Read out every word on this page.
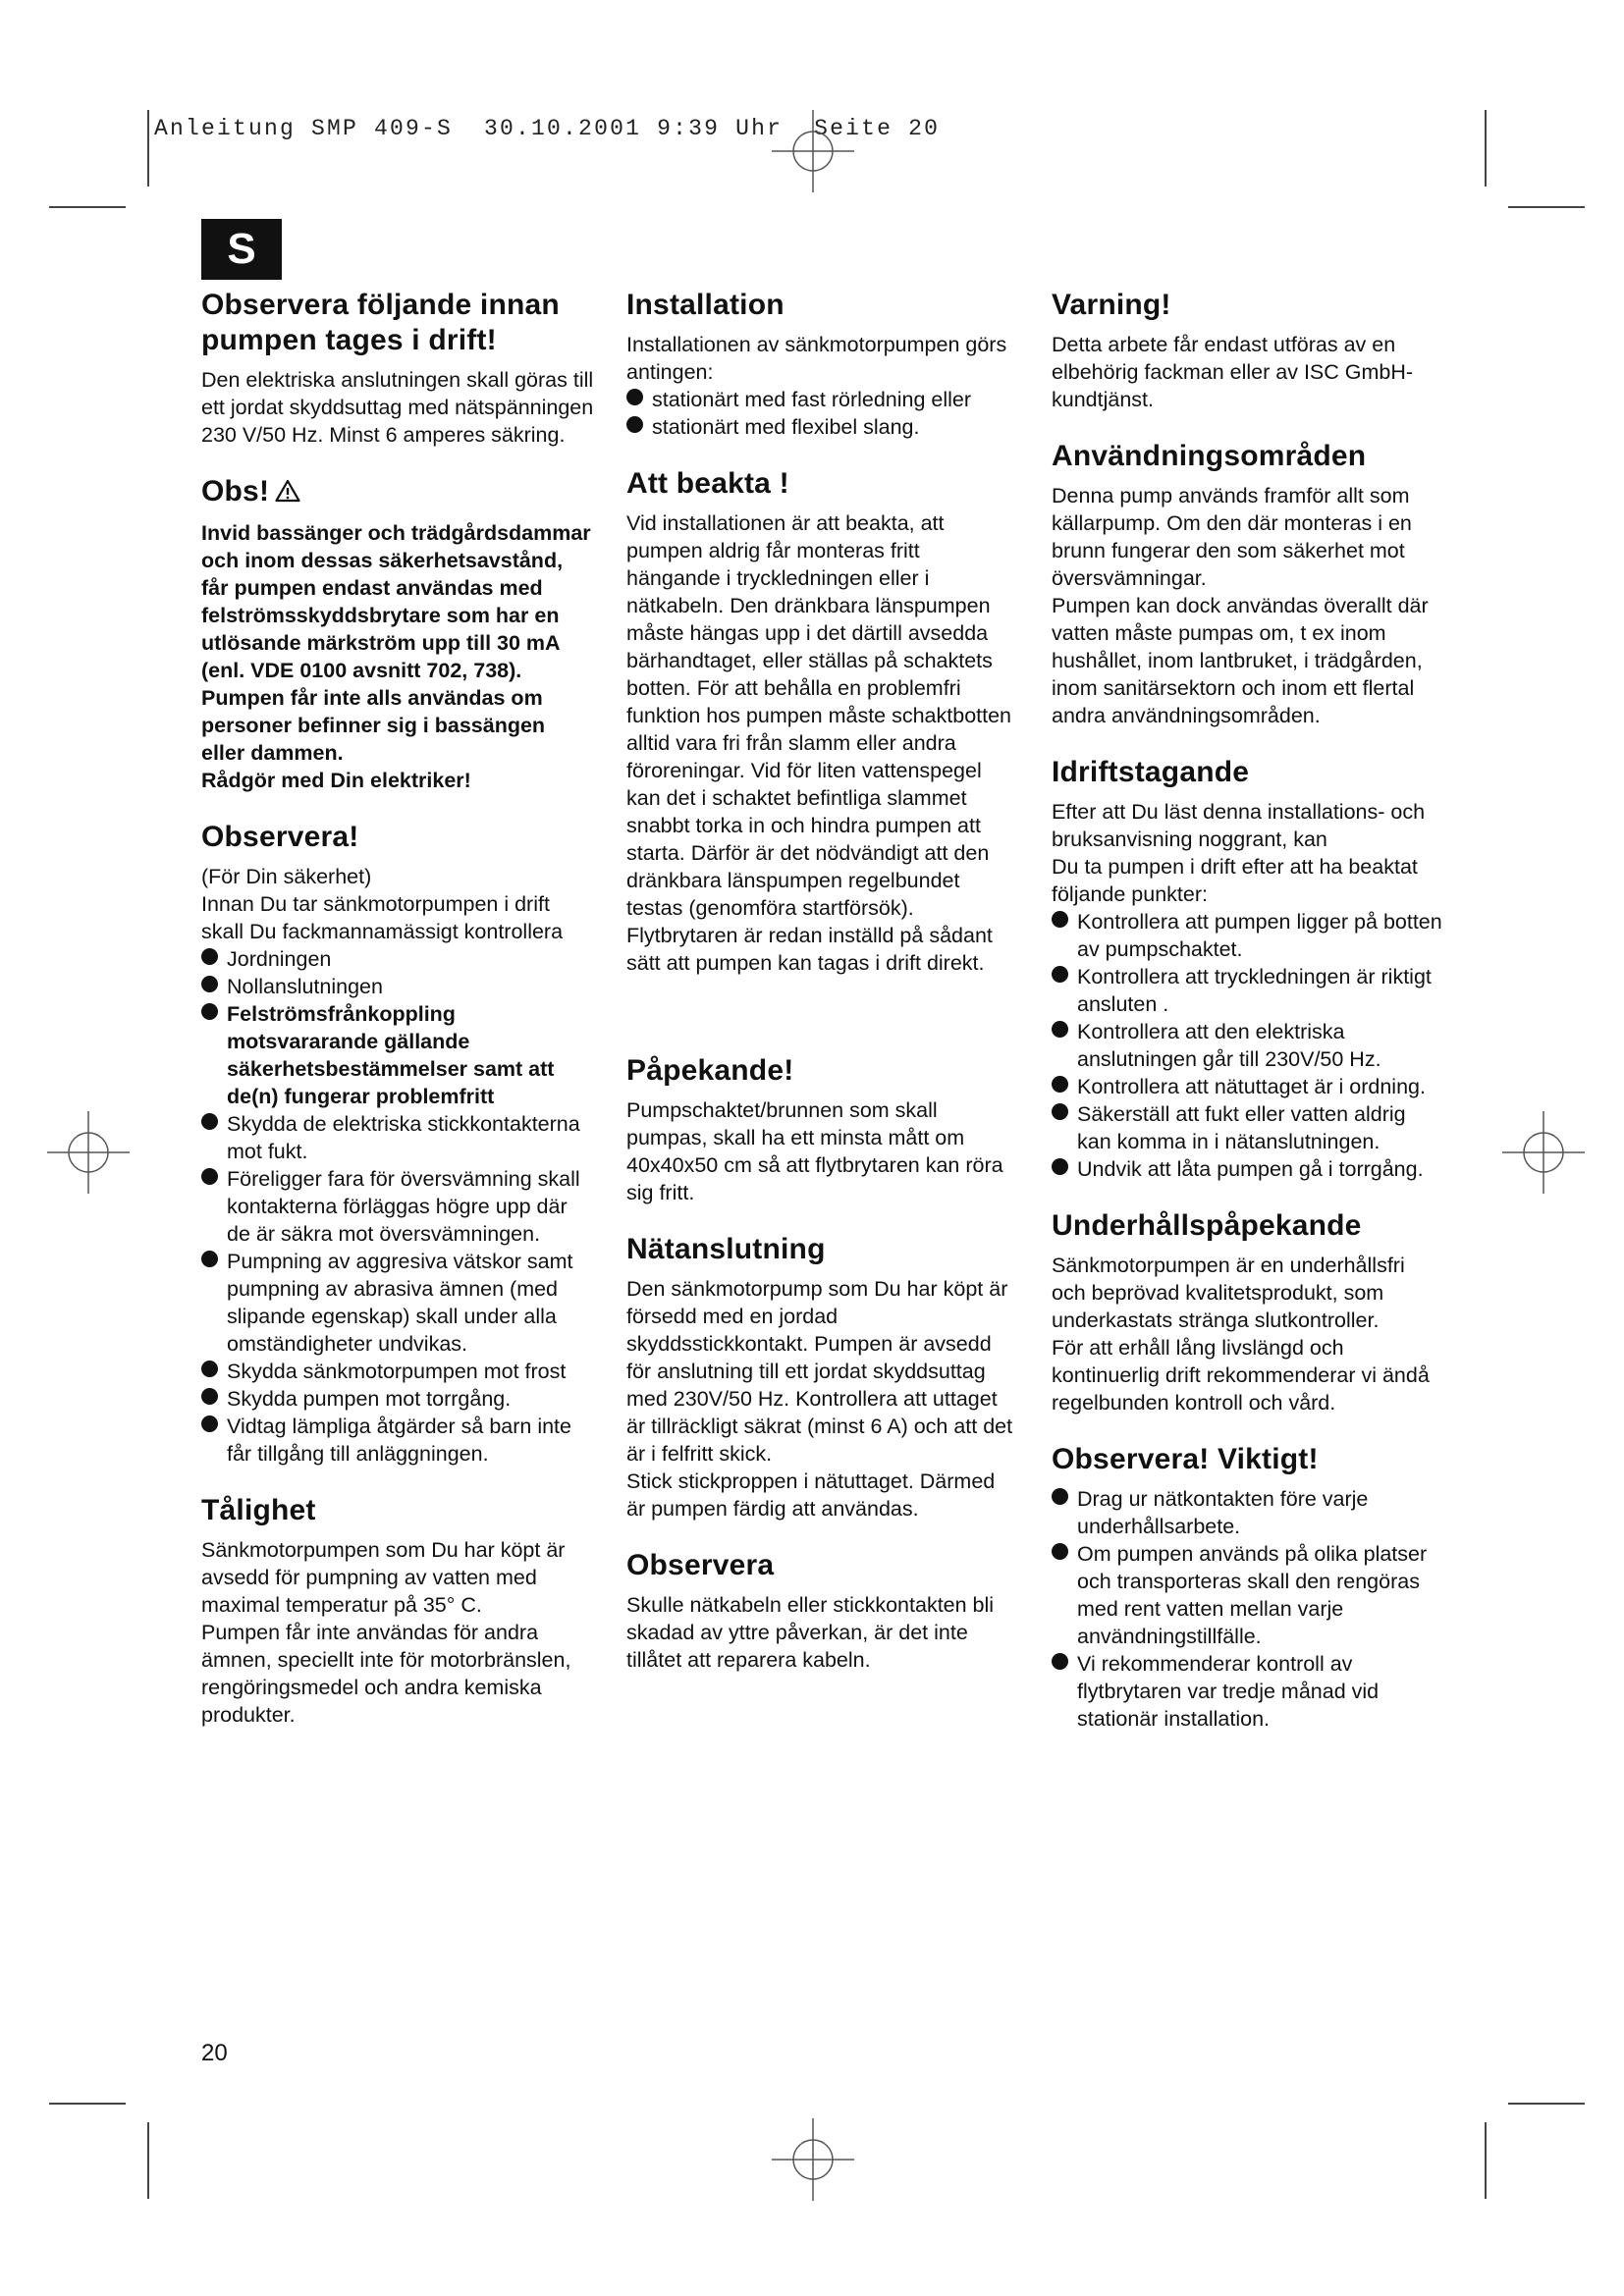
Anleitung SMP 409-S  30.10.2001 9:39 Uhr  Seite 20
S
Observera följande innan pumpen tages i drift!

Den elektriska anslutningen skall göras till ett jordat skyddsuttag med nätspänningen 230 V/50 Hz. Minst 6 amperes säkring.

Obs!

Invid bassänger och trädgårdsdammar och inom dessas säkerhetsavstånd, får pumpen endast användas med felströmsskyddsbrytare som har en utlösande märkström upp till 30 mA (enl. VDE 0100 avsnitt 702, 738). Pumpen får inte alls användas om personer befinner sig i bassängen eller dammen.

Rådgör med Din elektriker!

Observera!

(För Din säkerhet)

Innan Du tar sänkmotorpumpen i drift skall Du fackmannamässigt kontrollera

Jordningen
Nollanslutningen
Felströmsfrånkoppling motsvararande gällande säkerhetsbestämmelser samt att de(n) fungerar problemfritt
Skydda de elektriska stickkontakterna mot fukt.
Föreligger fara för översvämning skall kontakterna förläggas högre upp där de är säkra mot översvämningen.
Pumpning av aggresiva vätskor samt pumpning av abrasiva ämnen (med slipande egenskap) skall under alla omständigheter undvikas.
Skydda sänkmotorpumpen mot frost
Skydda pumpen mot torrgång.
Vidtag lämpliga åtgärder så barn inte får tillgång till anläggningen.
Tålighet

Sänkmotorpumpen som Du har köpt är avsedd för pumpning av vatten med maximal temperatur på 35° C.

Pumpen får inte användas för andra ämnen, speciellt inte för motorbränslen, rengöringsmedel och andra kemiska produkter.

Installation

Installationen av sänkmotorpumpen görs antingen:

stationärt med fast rörledning eller
stationärt med flexibel slang.
Att beakta !

Vid installationen är att beakta, att pumpen aldrig får monteras fritt hängande i tryckledningen eller i nätkabeln. Den dränkbara länspumpen måste hängas upp i det därtill avsedda bärhandtaget, eller ställas på schaktets botten. För att behålla en problemfri funktion hos pumpen måste schaktbotten alltid vara fri från slamm eller andra föroreningar. Vid för liten vattenspegel kan det i schaktet befintliga slammet snabbt torka in och hindra pumpen att starta. Därför är det nödvändigt att den dränkbara länspumpen regelbundet testas (genomföra startförsök).

Flytbrytaren är redan inställd på sådant sätt att pumpen kan tagas i drift direkt.

Påpekande!

Pumpschaktet/brunnen som skall pumpas, skall ha ett minsta mått om 40x40x50 cm så att flytbrytaren kan röra sig fritt.

Nätanslutning

Den sänkmotorpump som Du har köpt är försedd med en jordad skyddsstickkontakt. Pumpen är avsedd för anslutning till ett jordat skyddsuttag med 230V/50 Hz. Kontrollera att uttaget är tillräckligt säkrat (minst 6 A) och att det är i felfritt skick.

Stick stickproppen i nätuttaget. Därmed är pumpen färdig att användas.

Observera

Skulle nätkabeln eller stickkontakten bli skadad av yttre påverkan, är det inte tillåtet att reparera kabeln.

Varning!

Detta arbete får endast utföras av en elbehörig fackman eller av ISC GmbH-kundtjänst.

Användningsområden

Denna pump används framför allt som källarpump. Om den där monteras i en brunn fungerar den som säkerhet mot översvämningar.

Pumpen kan dock användas överallt där vatten måste pumpas om, t ex inom hushållet, inom lantbruket, i trädgården, inom sanitärsektorn och inom ett flertal andra användningsområden.

Idriftstagande

Efter att Du läst denna installations- och bruksanvisning noggrant, kan

Du ta pumpen i drift efter att ha beaktat följande punkter:

Kontrollera att pumpen ligger på botten av pumpschaktet.
Kontrollera att tryckledningen är riktigt ansluten .
Kontrollera att den elektriska anslutningen går till 230V/50 Hz.
Kontrollera att nätuttaget är i ordning.
Säkerställ att fukt eller vatten aldrig kan komma in i nätanslutningen.
Undvik att låta pumpen gå i torrgång.
Underhållspåpekande

Sänkmotorpumpen är en underhållsfri och beprövad kvalitetsprodukt, som underkastats stränga slutkontroller.

För att erhåll lång livslängd och kontinuerlig drift rekommenderar vi ändå regelbunden kontroll och vård.

Observera! Viktigt!
Drag ur nätkontakten före varje underhållsarbete.
Om pumpen används på olika platser och transporteras skall den rengöras med rent vatten mellan varje användningstillfälle.
Vi rekommenderar kontroll av flytbrytaren var tredje månad vid stationär installation.
20
